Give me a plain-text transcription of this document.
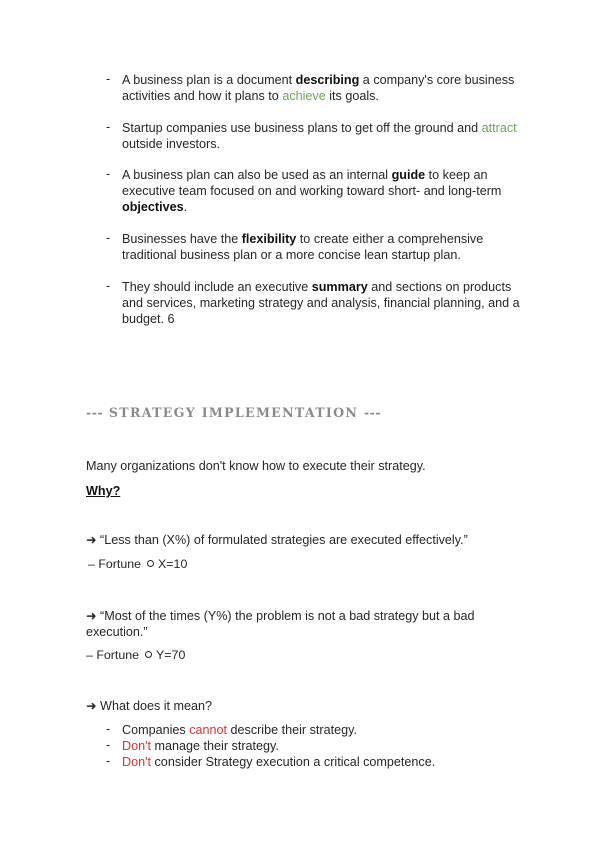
- A business plan is a document describing a company's core business activities and how it plans to achieve its goals.
- Startup companies use business plans to get off the ground and attract outside investors.
- A business plan can also be used as an internal guide to keep an executive team focused on and working toward short- and long-term objectives.
- Businesses have the flexibility to create either a comprehensive traditional business plan or a more concise lean startup plan.
- They should include an executive summary and sections on products and services, marketing strategy and analysis, financial planning, and a budget. 6
--- STRATEGY IMPLEMENTATION ---
Many organizations don't know how to execute their strategy.
Why?
➜ “Less than (X%) of formulated strategies are executed effectively.”
– Fortune X=10
➜ “Most of the times (Y%) the problem is not a bad strategy but a bad execution.”
– Fortune Y=70
➜ What does it mean?
- Companies cannot describe their strategy.
- Don't manage their strategy.
- Don't consider Strategy execution a critical competence.
